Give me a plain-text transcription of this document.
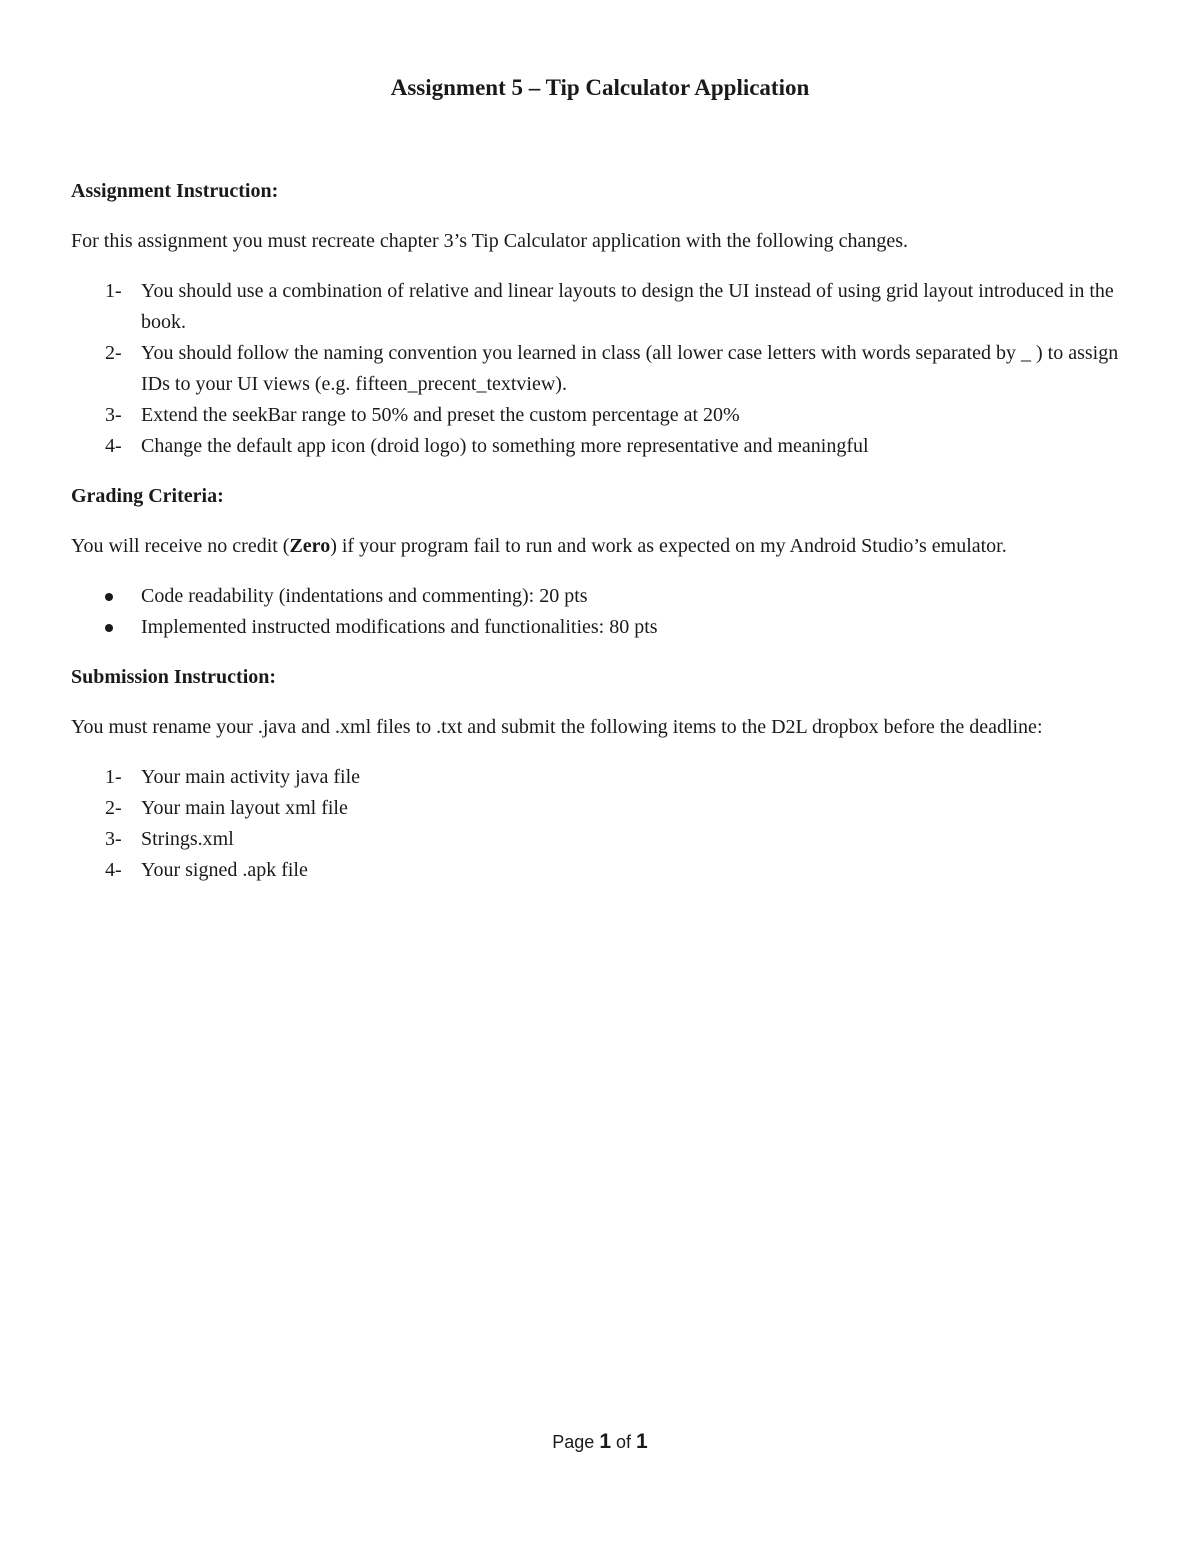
Assignment 5 – Tip Calculator Application

Assignment Instruction:

For this assignment you must recreate chapter 3’s Tip Calculator application with the following changes.

1- You should use a combination of relative and linear layouts to design the UI instead of using grid layout introduced in the book.
2- You should follow the naming convention you learned in class (all lower case letters with words separated by _ ) to assign IDs to your UI views (e.g. fifteen_precent_textview).
3- Extend the seekBar range to 50% and preset the custom percentage at 20%
4- Change the default app icon (droid logo) to something more representative and meaningful

Grading Criteria:

You will receive no credit (Zero) if your program fail to run and work as expected on my Android Studio’s emulator.

Code readability (indentations and commenting): 20 pts
Implemented instructed modifications and functionalities: 80 pts

Submission Instruction:

You must rename your .java and .xml files to .txt and submit the following items to the D2L dropbox before the deadline:

1- Your main activity java file
2- Your main layout xml file
3- Strings.xml
4- Your signed .apk file
Page 1 of 1
